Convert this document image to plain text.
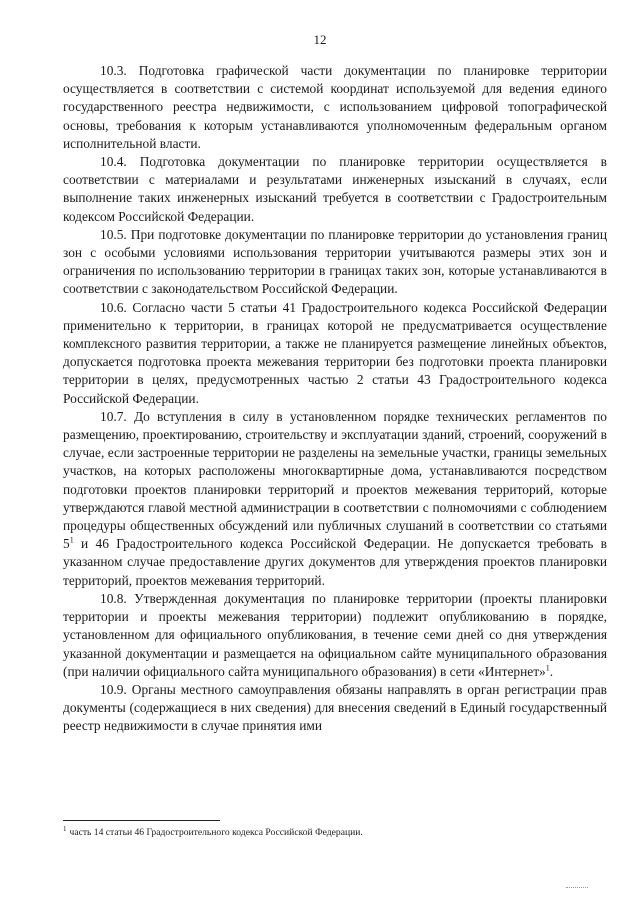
12

10.3. Подготовка графической части документации по планировке территории осуществляется в соответствии с системой координат используемой для ведения единого государственного реестра недвижимости, с использованием цифровой топографической основы, требования к которым устанавливаются уполномоченным федеральным органом исполнительной власти.

10.4. Подготовка документации по планировке территории осуществляется в соответствии с материалами и результатами инженерных изысканий в случаях, если выполнение таких инженерных изысканий требуется в соответствии с Градостроительным кодексом Российской Федерации.

10.5. При подготовке документации по планировке территории до установления границ зон с особыми условиями использования территории учитываются размеры этих зон и ограничения по использованию территории в границах таких зон, которые устанавливаются в соответствии с законодательством Российской Федерации.

10.6. Согласно части 5 статьи 41 Градостроительного кодекса Российской Федерации применительно к территории, в границах которой не предусматривается осуществление комплексного развития территории, а также не планируется размещение линейных объектов, допускается подготовка проекта межевания территории без подготовки проекта планировки территории в целях, предусмотренных частью 2 статьи 43 Градостроительного кодекса Российской Федерации.

10.7. До вступления в силу в установленном порядке технических регламентов по размещению, проектированию, строительству и эксплуатации зданий, строений, сооружений в случае, если застроенные территории не разделены на земельные участки, границы земельных участков, на которых расположены многоквартирные дома, устанавливаются посредством подготовки проектов планировки территорий и проектов межевания территорий, которые утверждаются главой местной администрации в соответствии с полномочиями с соблюдением процедуры общественных обсуждений или публичных слушаний в соответствии со статьями 5$^1$ и 46 Градостроительного кодекса Российской Федерации. Не допускается требовать в указанном случае предоставление других документов для утверждения проектов планировки территорий, проектов межевания территорий.

10.8. Утвержденная документация по планировке территории (проекты планировки территории и проекты межевания территории) подлежит опубликованию в порядке, установленном для официального опубликования, в течение семи дней со дня утверждения указанной документации и размещается на официальном сайте муниципального образования (при наличии официального сайта муниципального образования) в сети «Интернет»$^1$.

10.9. Органы местного самоуправления обязаны направлять в орган регистрации прав документы (содержащиеся в них сведения) для внесения сведений в Единый государственный реестр недвижимости в случае принятия ими

$^1$ часть 14 статьи 46 Градостроительного кодекса Российской Федерации.
